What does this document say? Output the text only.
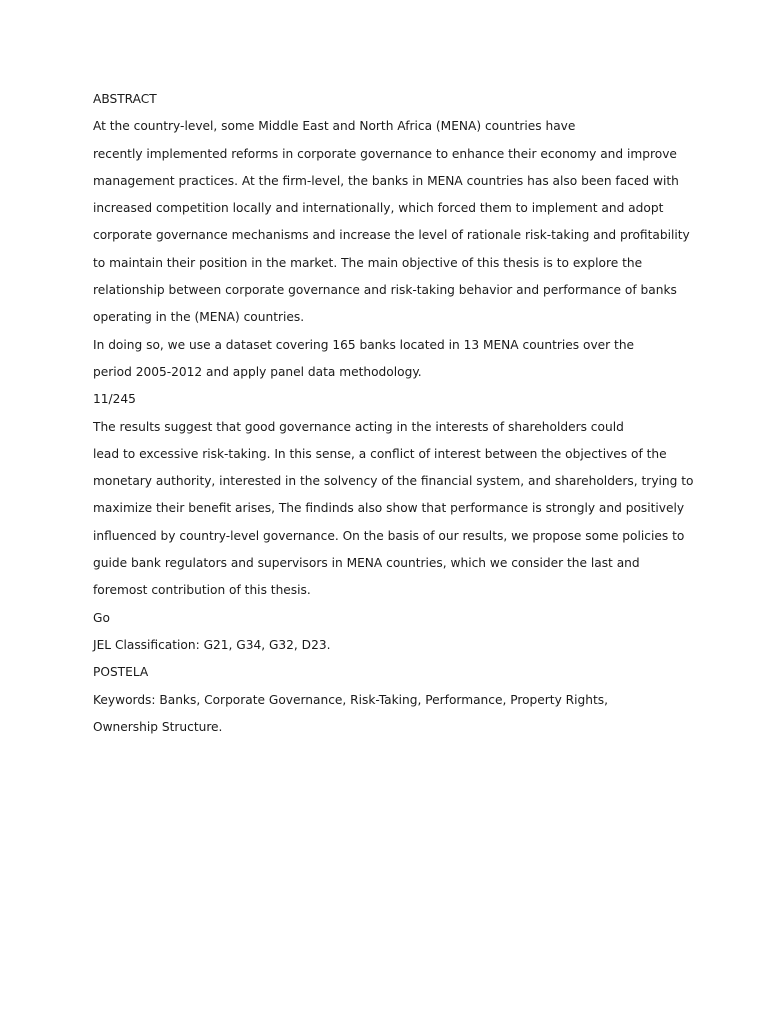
ABSTRACT
At the country-level, some Middle East and North Africa (MENA) countries have
recently implemented reforms in corporate governance to enhance their economy and improve
management practices. At the firm-level, the banks in MENA countries has also been faced with
increased competition locally and internationally, which forced them to implement and adopt
corporate governance mechanisms and increase the level of rationale risk-taking and profitability
to maintain their position in the market. The main objective of this thesis is to explore the
relationship between corporate governance and risk-taking behavior and performance of banks
operating in the (MENA) countries.
In doing so, we use a dataset covering 165 banks located in 13 MENA countries over the
period 2005-2012 and apply panel data methodology.
11/245
The results suggest that good governance acting in the interests of shareholders could
lead to excessive risk-taking. In this sense, a conflict of interest between the objectives of the
monetary authority, interested in the solvency of the financial system, and shareholders, trying to
maximize their benefit arises, The findinds also show that performance is strongly and positively
influenced by country-level governance. On the basis of our results, we propose some policies to
guide bank regulators and supervisors in MENA countries, which we consider the last and
foremost contribution of this thesis.
Go
JEL Classification: G21, G34, G32, D23.
POSTELA
Keywords: Banks, Corporate Governance, Risk-Taking, Performance, Property Rights,
Ownership Structure.
